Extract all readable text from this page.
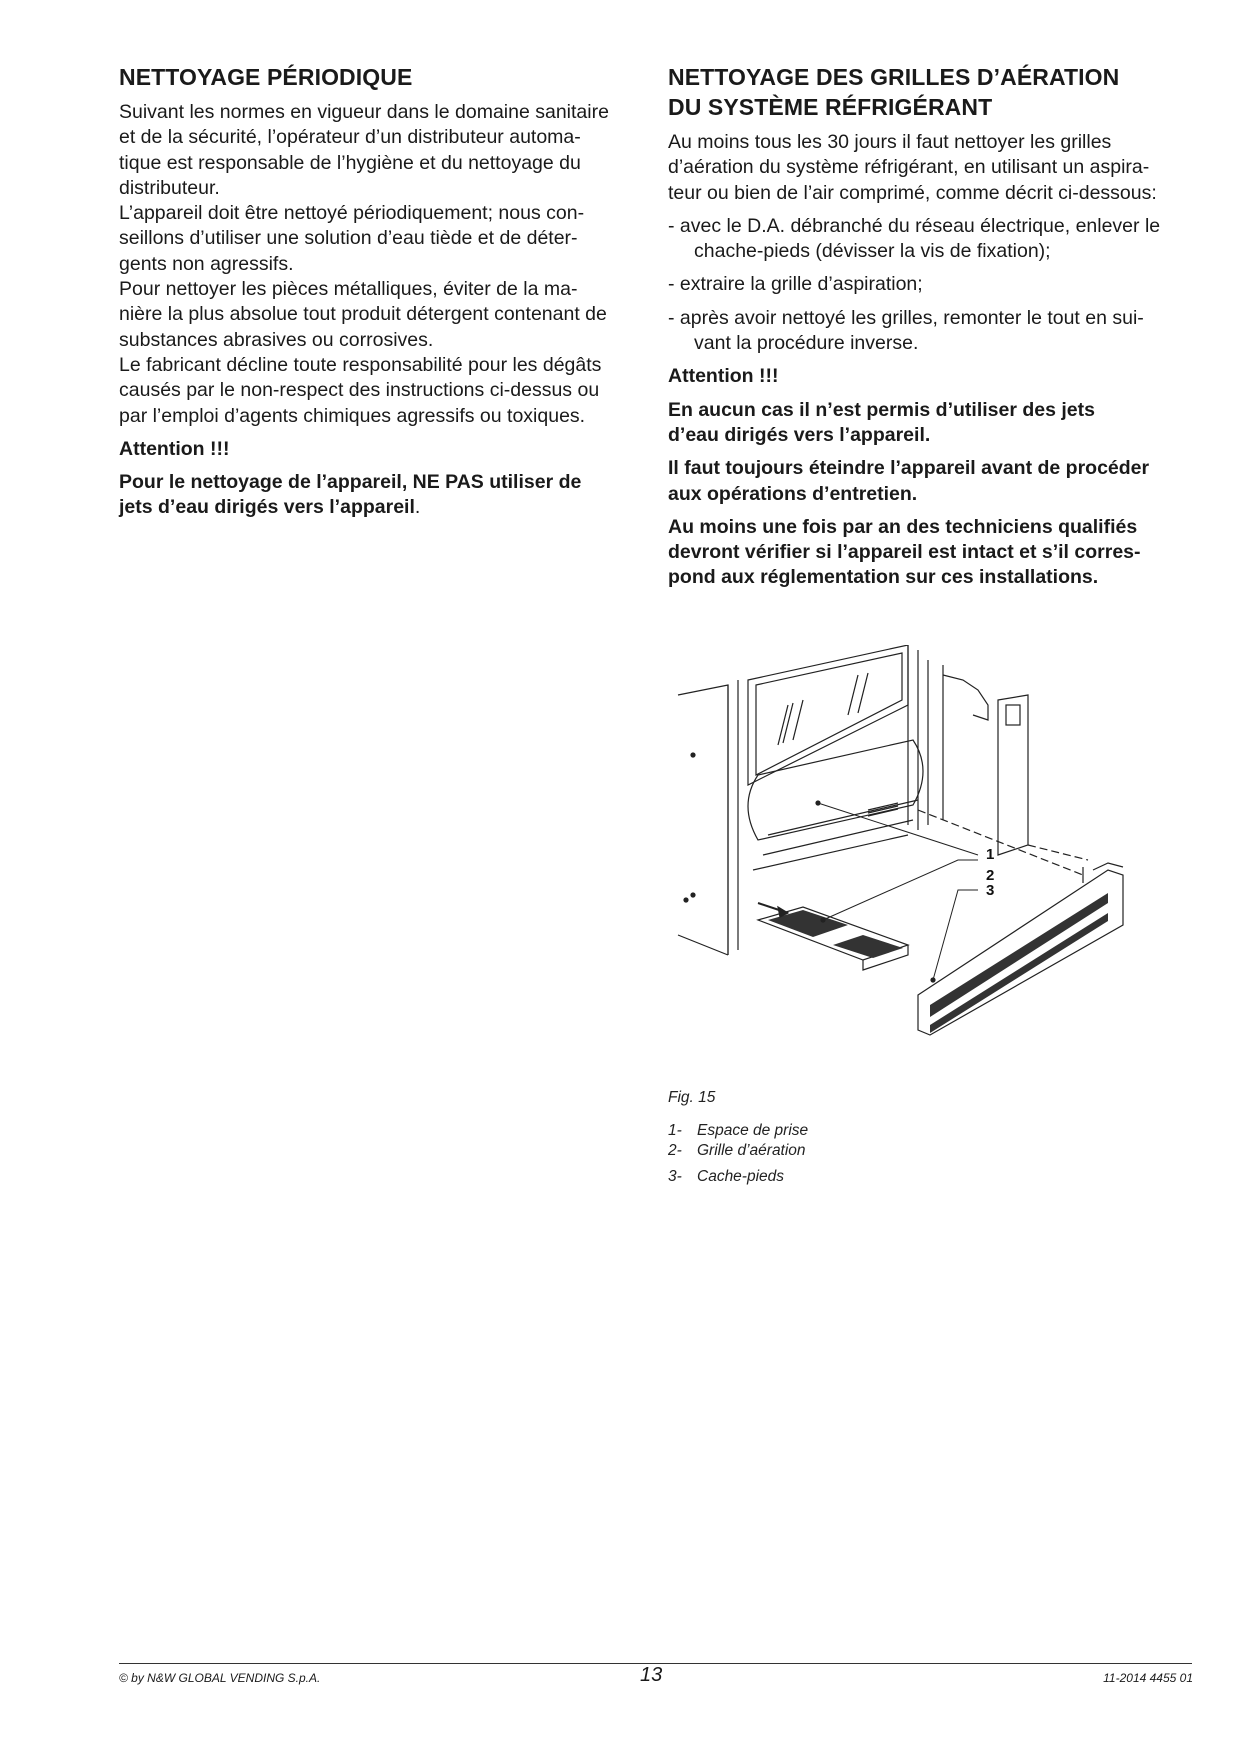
NETTOYAGE PÉRIODIQUE

Suivant les normes en vigueur dans le domaine sanitaire
et de la sécurité, l’opérateur d’un distributeur automa-
tique est responsable de l’hygiène et du nettoyage du
distributeur.

L’appareil doit être nettoyé périodiquement; nous con-
seillons d’utiliser une solution d’eau tiède et de déter-
gents non agressifs.

Pour nettoyer les pièces métalliques, éviter de la ma-
nière la plus absolue tout produit détergent contenant de
substances abrasives ou corrosives.

Le fabricant décline toute responsabilité pour les dégâts
causés par le non-respect des instructions ci-dessus ou
par l’emploi d’agents chimiques agressifs ou toxiques.

Attention !!!

Pour le nettoyage de l’appareil, NE PAS utiliser de
jets d’eau dirigés vers l’appareil.

NETTOYAGE DES GRILLES D’AÉRATION
DU SYSTÈME RÉFRIGÉRANT

Au moins tous les 30 jours il faut nettoyer les grilles
d’aération du système réfrigérant, en utilisant un aspira-
teur ou bien de l’air comprimé, comme décrit ci-dessous:

- avec le D.A. débranché du réseau électrique, enlever le
chache-pieds (dévisser la vis de fixation);

- extraire la grille d’aspiration;

- après avoir nettoyé les grilles, remonter le tout en sui-
vant la procédure inverse.

Attention !!!

En aucun cas il n’est permis d’utiliser des jets
d’eau dirigés vers l’appareil.

Il faut toujours éteindre l’appareil avant de procéder
aux opérations d’entretien.

Au moins une fois par an des techniciens qualifiés
devront vérifier si l’appareil est intact et s’il corres-
pond aux réglementation sur ces installations.

1
2
3
Fig. 15
1- Espace de prise
2- Grille d’aération
3- Cache-pieds
© by N&W GLOBAL VENDING S.p.A.	13	11-2014 4455 01
